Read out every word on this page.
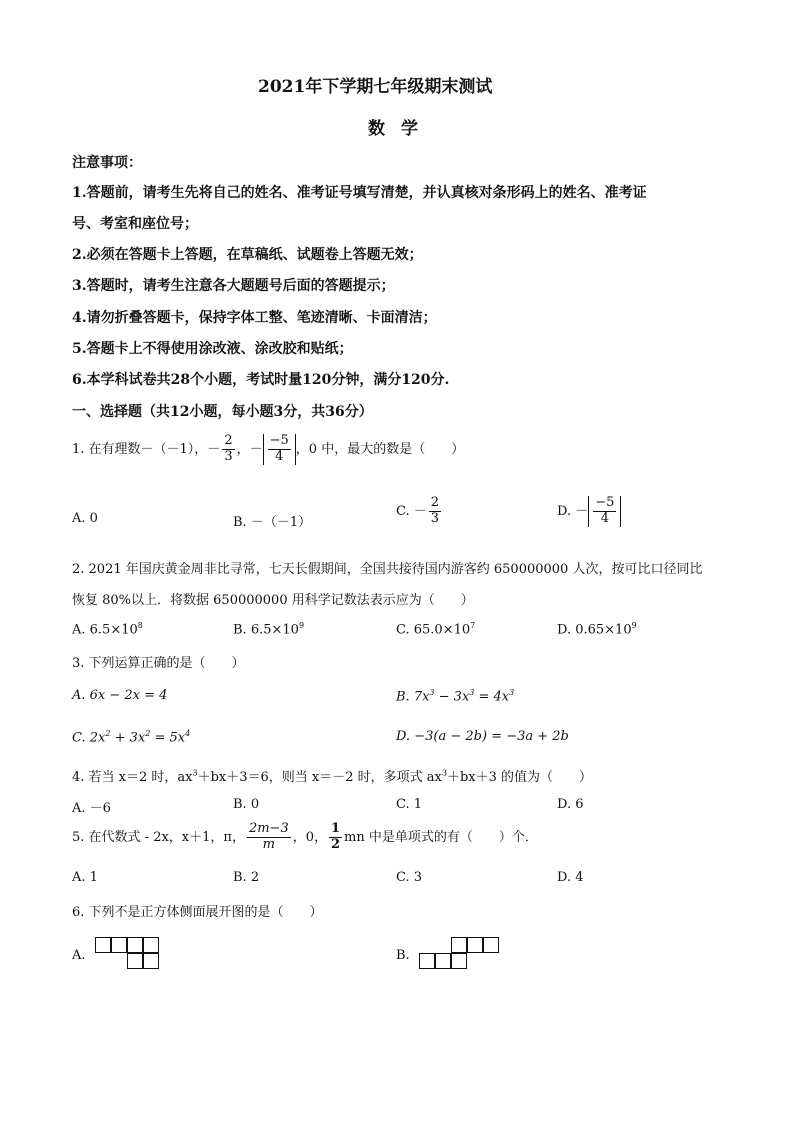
2021年下学期七年级期末测试
数学
注意事项：
1.答题前，请考生先将自己的姓名、准考证号填写清楚，并认真核对条形码上的姓名、准考证
号、考室和座位号；
2.必须在答题卡上答题，在草稿纸、试题卷上答题无效；
3.答题时，请考生注意各大题题号后面的答题提示；
4.请勿折叠答题卡，保持字体工整、笔迹清晰、卡面清洁；
5.答题卡上不得使用涂改液、涂改胶和贴纸；
6.本学科试卷共28个小题，考试时量120分钟，满分120分.
一、选择题（共12小题，每小题3分，共36分）
1. 在有理数－（－1），－ $\frac{2}{3}$ ，－ $\frac{-5}{4}$ ，0 中，最大的数是（　　）
A. 0	B. －（－1）
C. － $\frac{2}{3}$	D. － $\frac{-5}{4}$
2. 2021 年国庆黄金周非比寻常，七天长假期间，全国共接待国内游客约 650000000 人次，按可比口径同比
恢复 80%以上．将数据 650000000 用科学记数法表示应为（　　）
A. $6.5\times 10^8$	B. $6.5\times 10^9$	C. $65.0\times 10^7$	D. $0.65\times 10^9$
3. 下列运算正确的是（　　）
A. 6x − 2x = 4	B. $7x^3 - 3x^3 = 4x^3$
C. $2x^2 + 3x^2 = 5x^4$	D. −3(a − 2b) = −3a + 2b
4. 若当 x＝2 时，$ax^3+bx+3=6$，则当 x＝－2 时，多项式 $ax^3+bx+3$ 的值为（　　）
A. －6	B. 0	C. 1	D. 6
5. 在代数式 - 2x，x＋1，π， $\frac{2m-3}{m}$ ，0， $\frac{1}{2}$ mn 中是单项式的有（　　）个．
A. 1	B. 2	C. 3	D. 4
6. 下列不是正方体侧面展开图的是（　　）
A.	B.
